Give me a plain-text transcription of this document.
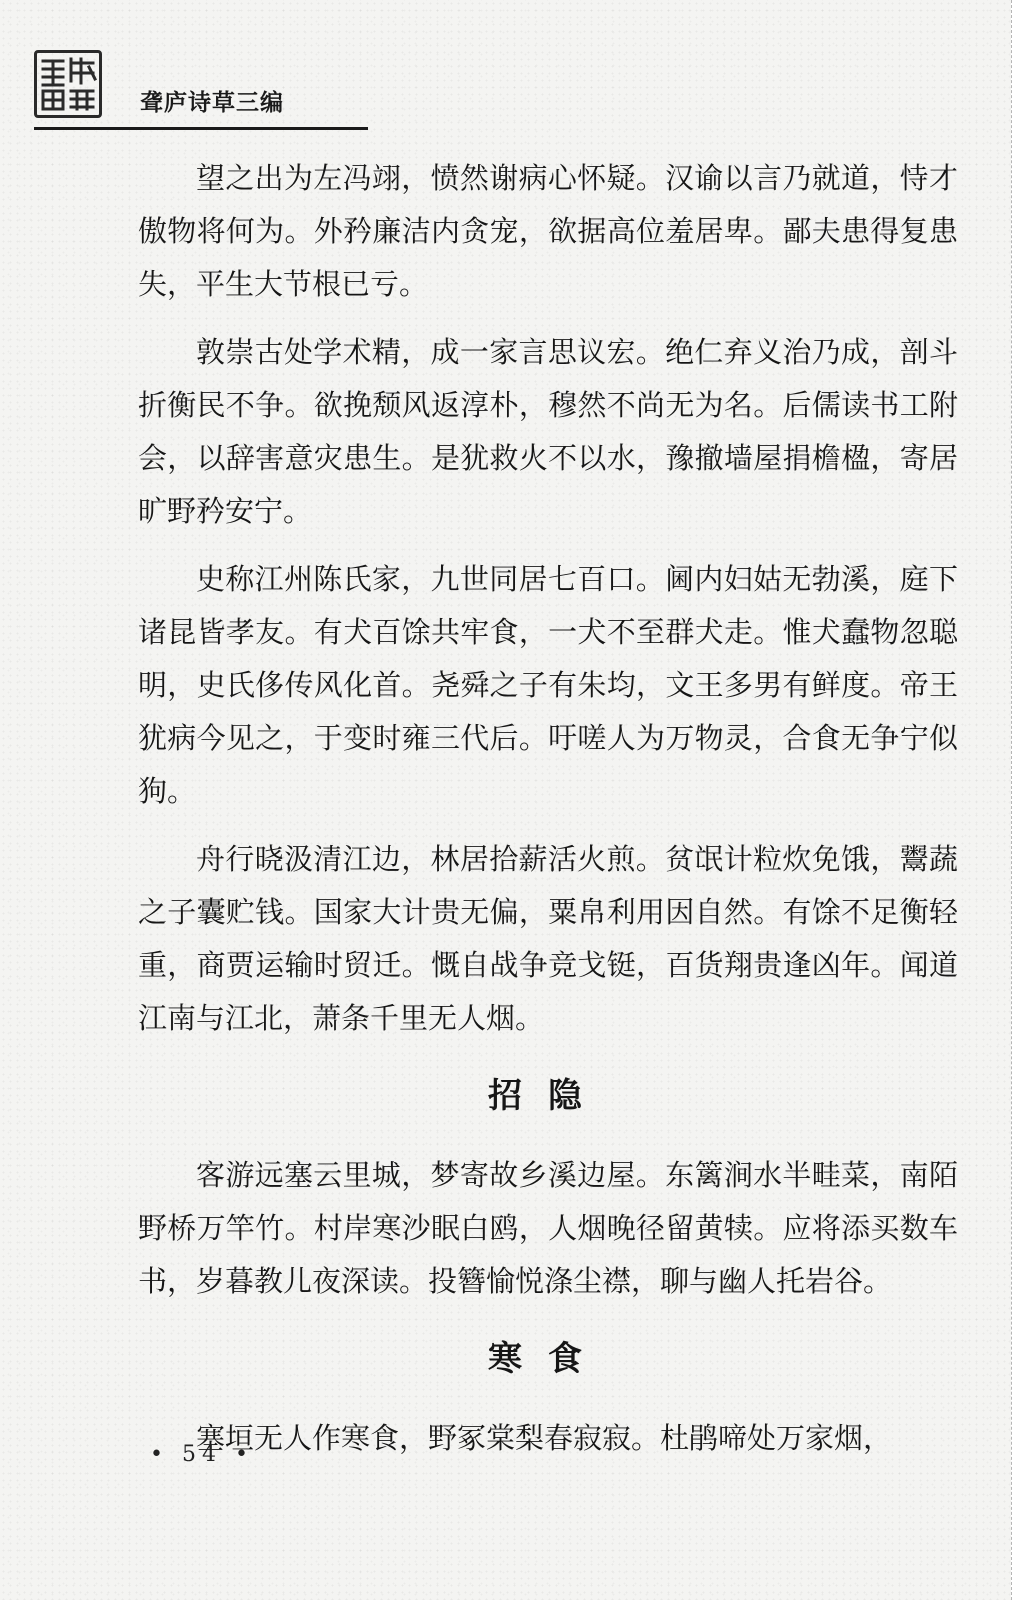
聋庐诗草三编

望之出为左冯翊，愤然谢病心怀疑。汉谕以言乃就道，恃才傲物将何为。外矜廉洁内贪宠，欲据高位羞居卑。鄙夫患得复患失，平生大节根已亏。

敦崇古处学术精，成一家言思议宏。绝仁弃义治乃成，剖斗折衡民不争。欲挽颓风返淳朴，穆然不尚无为名。后儒读书工附会，以辞害意灾患生。是犹救火不以水，豫撤墙屋捐檐楹，寄居旷野矜安宁。

史称江州陈氏家，九世同居七百口。阃内妇姑无勃溪，庭下诸昆皆孝友。有犬百馀共牢食，一犬不至群犬走。惟犬蠢物忽聪明，史氏侈传风化首。尧舜之子有朱均，文王多男有鲜度。帝王犹病今见之，于变时雍三代后。吁嗟人为万物灵，合食无争宁似狗。

舟行晓汲清江边，林居拾薪活火煎。贫氓计粒炊免饿，鬻蔬之子囊贮钱。国家大计贵无偏，粟帛利用因自然。有馀不足衡轻重，商贾运输时贸迁。慨自战争竞戈铤，百货翔贵逢凶年。闻道江南与江北，萧条千里无人烟。

招隐

客游远塞云里城，梦寄故乡溪边屋。东篱涧水半畦菜，南陌野桥万竿竹。村岸寒沙眠白鸥，人烟晚径留黄犊。应将添买数车书，岁暮教儿夜深读。投簪愉悦涤尘襟，聊与幽人托岩谷。

寒食

塞垣无人作寒食，野冢棠梨春寂寂。杜鹃啼处万家烟，

• 54 •
